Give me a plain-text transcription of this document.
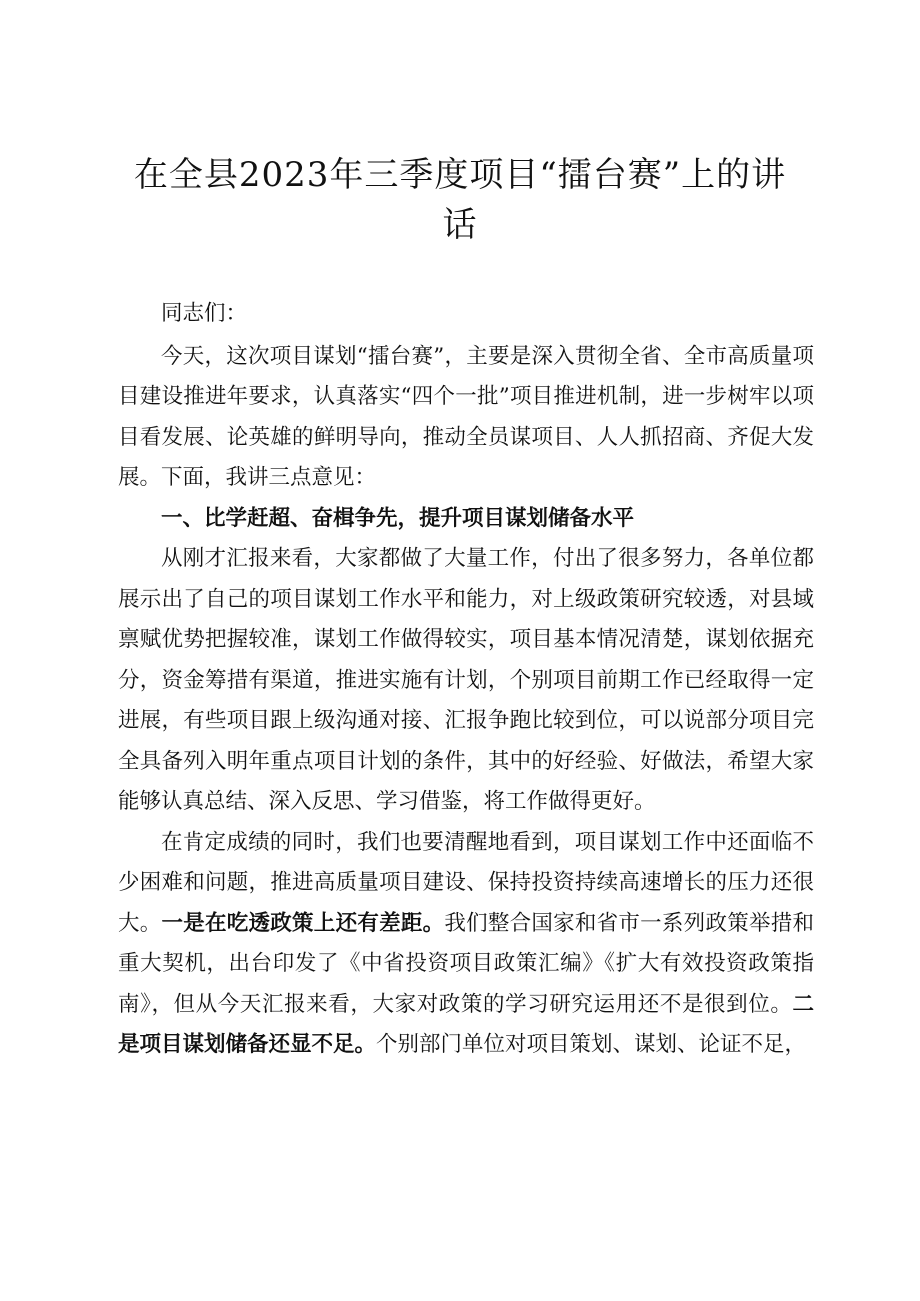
在全县2023年三季度项目“擂台赛”上的讲话

同志们：

今天，这次项目谋划“擂台赛”，主要是深入贯彻全省、全市高质量项目建设推进年要求，认真落实“四个一批”项目推进机制，进一步树牢以项目看发展、论英雄的鲜明导向，推动全员谋项目、人人抓招商、齐促大发展。下面，我讲三点意见：

一、比学赶超、奋楫争先，提升项目谋划储备水平

从刚才汇报来看，大家都做了大量工作，付出了很多努力，各单位都展示出了自己的项目谋划工作水平和能力，对上级政策研究较透，对县域禀赋优势把握较准，谋划工作做得较实，项目基本情况清楚，谋划依据充分，资金筹措有渠道，推进实施有计划，个别项目前期工作已经取得一定进展，有些项目跟上级沟通对接、汇报争跑比较到位，可以说部分项目完全具备列入明年重点项目计划的条件，其中的好经验、好做法，希望大家能够认真总结、深入反思、学习借鉴，将工作做得更好。

在肯定成绩的同时，我们也要清醒地看到，项目谋划工作中还面临不少困难和问题，推进高质量项目建设、保持投资持续高速增长的压力还很大。一是在吃透政策上还有差距。我们整合国家和省市一系列政策举措和重大契机，出台印发了《中省投资项目政策汇编》《扩大有效投资政策指南》，但从今天汇报来看，大家对政策的学习研究运用还不是很到位。二是项目谋划储备还显不足。个别部门单位对项目策划、谋划、论证不足，
